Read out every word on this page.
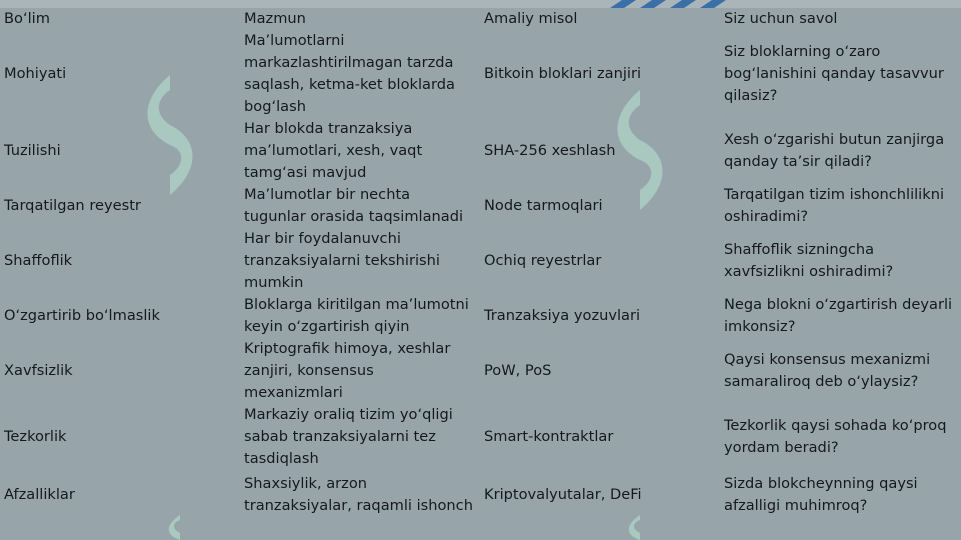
Bo‘lim	Mazmun	Amaliy misol	Siz uchun savol
Mohiyati	Ma’lumotlarni markazlashtirilmagan tarzda saqlash, ketma-ket bloklarda bog‘lash	Bitkoin bloklari zanjiri	Siz bloklarning o‘zaro bog‘lanishini qanday tasavvur qilasiz?
Tuzilishi	Har blokda tranzaksiya ma’lumotlari, xesh, vaqt tamg‘asi mavjud	SHA-256 xeshlash	Xesh o‘zgarishi butun zanjirga qanday ta’sir qiladi?
Tarqatilgan reyestr	Ma’lumotlar bir nechta tugunlar orasida taqsimlanadi	Node tarmoqlari	Tarqatilgan tizim ishonchlilikni oshiradimi?
Shaffoflik	Har bir foydalanuvchi tranzaksiyalarni tekshirishi mumkin	Ochiq reyestrlar	Shaffoflik sizningcha xavfsizlikni oshiradimi?
O‘zgartirib bo‘lmaslik	Bloklarga kiritilgan ma’lumotni keyin o‘zgartirish qiyin	Tranzaksiya yozuvlari	Nega blokni o‘zgartirish deyarli imkonsiz?
Xavfsizlik	Kriptografik himoya, xeshlar zanjiri, konsensus mexanizmlari	PoW, PoS	Qaysi konsensus mexanizmi samaraliroq deb o‘ylaysiz?
Tezkorlik	Markaziy oraliq tizim yo‘qligi sabab tranzaksiyalarni tez tasdiqlash	Smart-kontraktlar	Tezkorlik qaysi sohada ko‘proq yordam beradi?
Afzalliklar	Shaxsiylik, arzon tranzaksiyalar, raqamli ishonch	Kriptovalyutalar, DeFi	Sizda blokcheynning qaysi afzalligi muhimroq?
